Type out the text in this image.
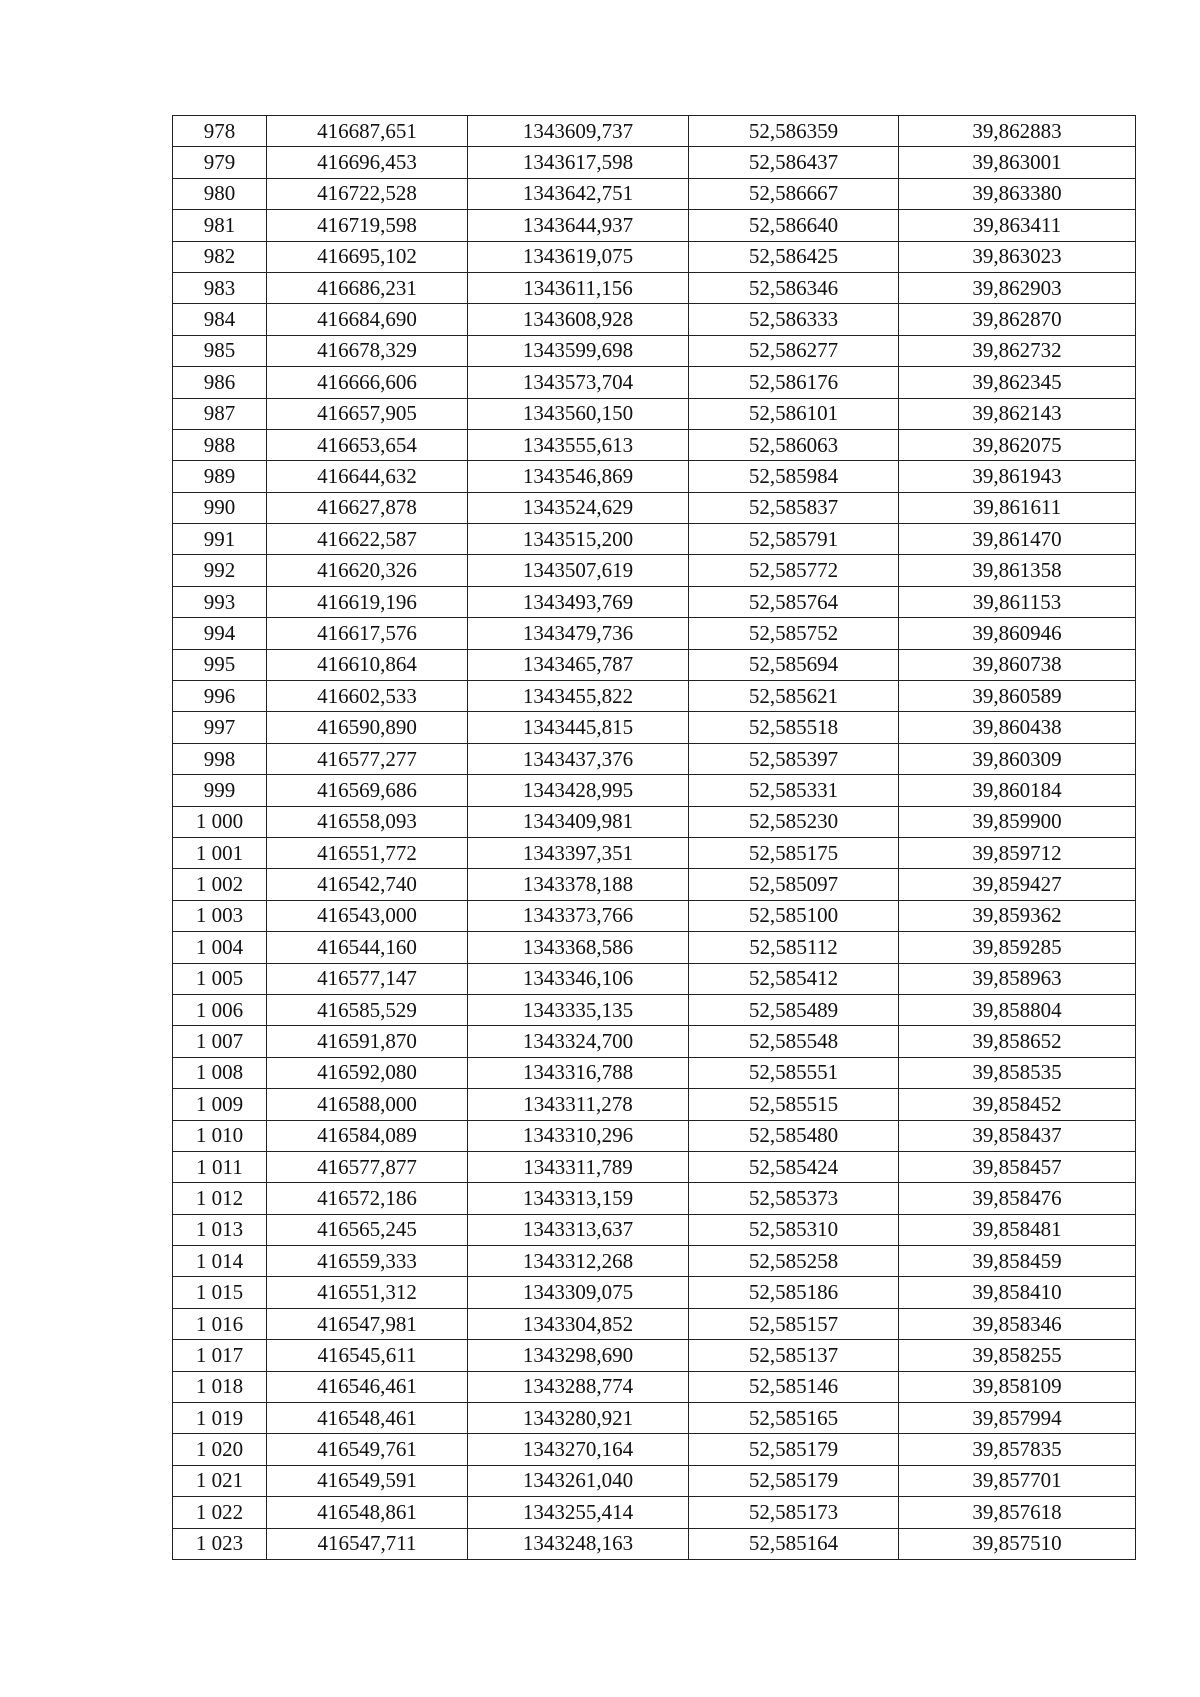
978	416687,651	1343609,737	52,586359	39,862883
979	416696,453	1343617,598	52,586437	39,863001
980	416722,528	1343642,751	52,586667	39,863380
981	416719,598	1343644,937	52,586640	39,863411
982	416695,102	1343619,075	52,586425	39,863023
983	416686,231	1343611,156	52,586346	39,862903
984	416684,690	1343608,928	52,586333	39,862870
985	416678,329	1343599,698	52,586277	39,862732
986	416666,606	1343573,704	52,586176	39,862345
987	416657,905	1343560,150	52,586101	39,862143
988	416653,654	1343555,613	52,586063	39,862075
989	416644,632	1343546,869	52,585984	39,861943
990	416627,878	1343524,629	52,585837	39,861611
991	416622,587	1343515,200	52,585791	39,861470
992	416620,326	1343507,619	52,585772	39,861358
993	416619,196	1343493,769	52,585764	39,861153
994	416617,576	1343479,736	52,585752	39,860946
995	416610,864	1343465,787	52,585694	39,860738
996	416602,533	1343455,822	52,585621	39,860589
997	416590,890	1343445,815	52,585518	39,860438
998	416577,277	1343437,376	52,585397	39,860309
999	416569,686	1343428,995	52,585331	39,860184
1 000	416558,093	1343409,981	52,585230	39,859900
1 001	416551,772	1343397,351	52,585175	39,859712
1 002	416542,740	1343378,188	52,585097	39,859427
1 003	416543,000	1343373,766	52,585100	39,859362
1 004	416544,160	1343368,586	52,585112	39,859285
1 005	416577,147	1343346,106	52,585412	39,858963
1 006	416585,529	1343335,135	52,585489	39,858804
1 007	416591,870	1343324,700	52,585548	39,858652
1 008	416592,080	1343316,788	52,585551	39,858535
1 009	416588,000	1343311,278	52,585515	39,858452
1 010	416584,089	1343310,296	52,585480	39,858437
1 011	416577,877	1343311,789	52,585424	39,858457
1 012	416572,186	1343313,159	52,585373	39,858476
1 013	416565,245	1343313,637	52,585310	39,858481
1 014	416559,333	1343312,268	52,585258	39,858459
1 015	416551,312	1343309,075	52,585186	39,858410
1 016	416547,981	1343304,852	52,585157	39,858346
1 017	416545,611	1343298,690	52,585137	39,858255
1 018	416546,461	1343288,774	52,585146	39,858109
1 019	416548,461	1343280,921	52,585165	39,857994
1 020	416549,761	1343270,164	52,585179	39,857835
1 021	416549,591	1343261,040	52,585179	39,857701
1 022	416548,861	1343255,414	52,585173	39,857618
1 023	416547,711	1343248,163	52,585164	39,857510
